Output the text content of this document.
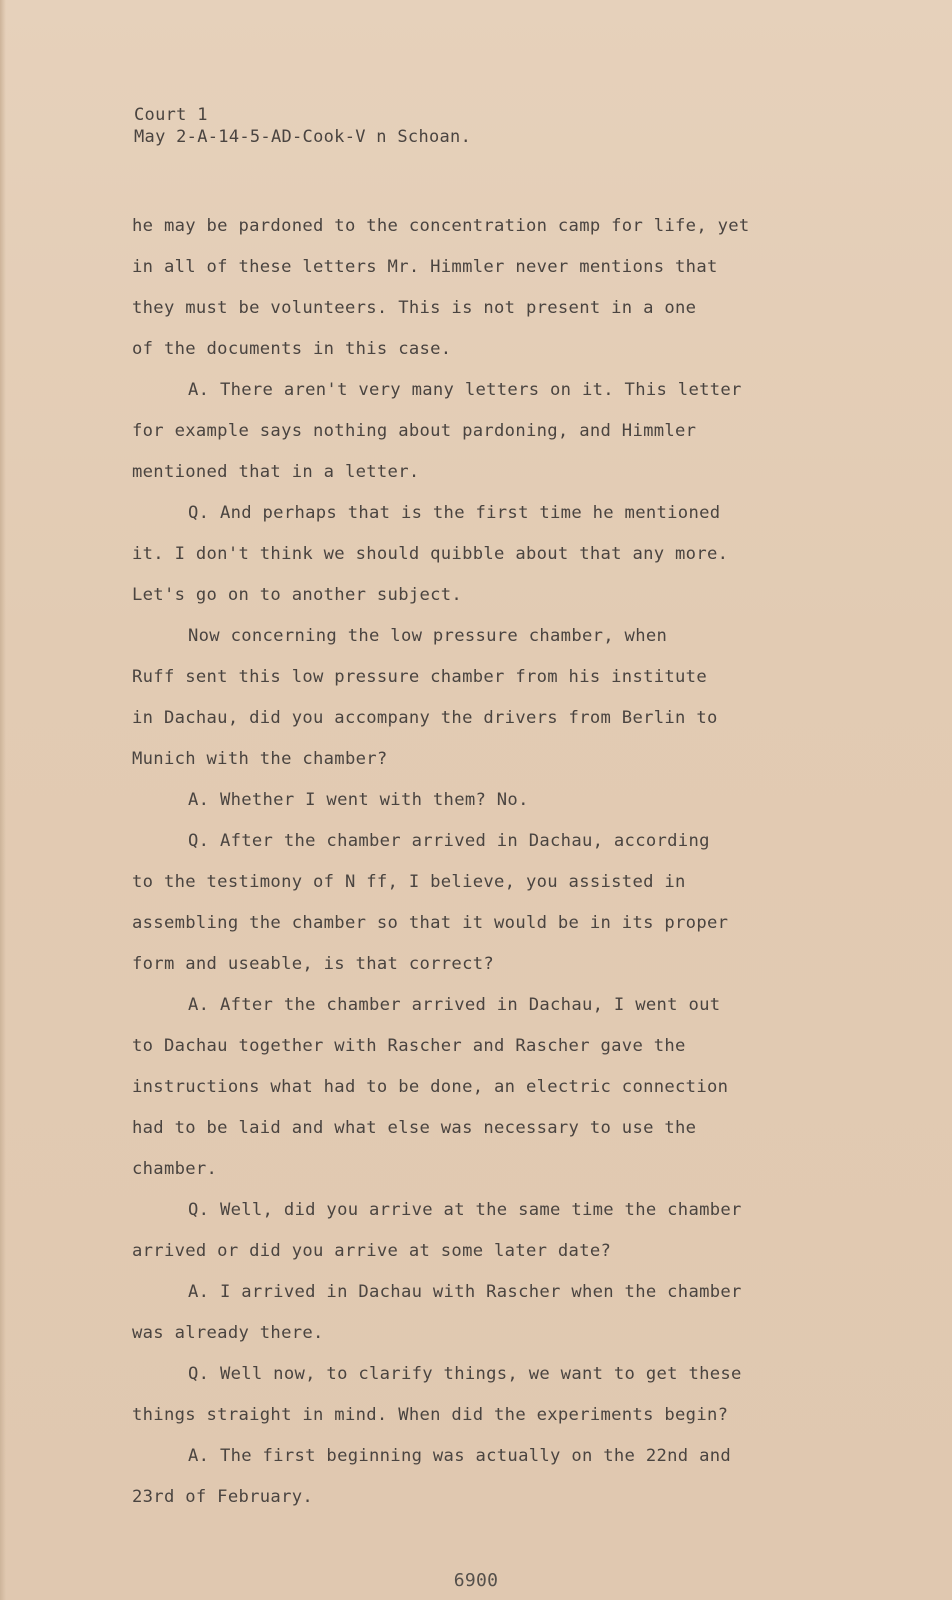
Court 1
May 2-A-14-5-AD-Cook-V n Schoan.
he may be pardoned to the concentration camp for life, yet
in all of these letters Mr. Himmler never mentions that
they must be volunteers. This is not present in a one
of the documents in this case.
A. There aren't very many letters on it. This letter
for example says nothing about pardoning, and Himmler
mentioned that in a letter.
Q. And perhaps that is the first time he mentioned
it. I don't think we should quibble about that any more.
Let's go on to another subject.
Now concerning the low pressure chamber, when
Ruff sent this low pressure chamber from his institute
in Dachau, did you accompany the drivers from Berlin to
Munich with the chamber?
A. Whether I went with them? No.
Q. After the chamber arrived in Dachau, according
to the testimony of N ff, I believe, you assisted in
assembling the chamber so that it would be in its proper
form and useable, is that correct?
A. After the chamber arrived in Dachau, I went out
to Dachau together with Rascher and Rascher gave the
instructions what had to be done, an electric connection
had to be laid and what else was necessary to use the
chamber.
Q. Well, did you arrive at the same time the chamber
arrived or did you arrive at some later date?
A. I arrived in Dachau with Rascher when the chamber
was already there.
Q. Well now, to clarify things, we want to get these
things straight in mind. When did the experiments begin?
A. The first beginning was actually on the 22nd and
23rd of February.
6900
